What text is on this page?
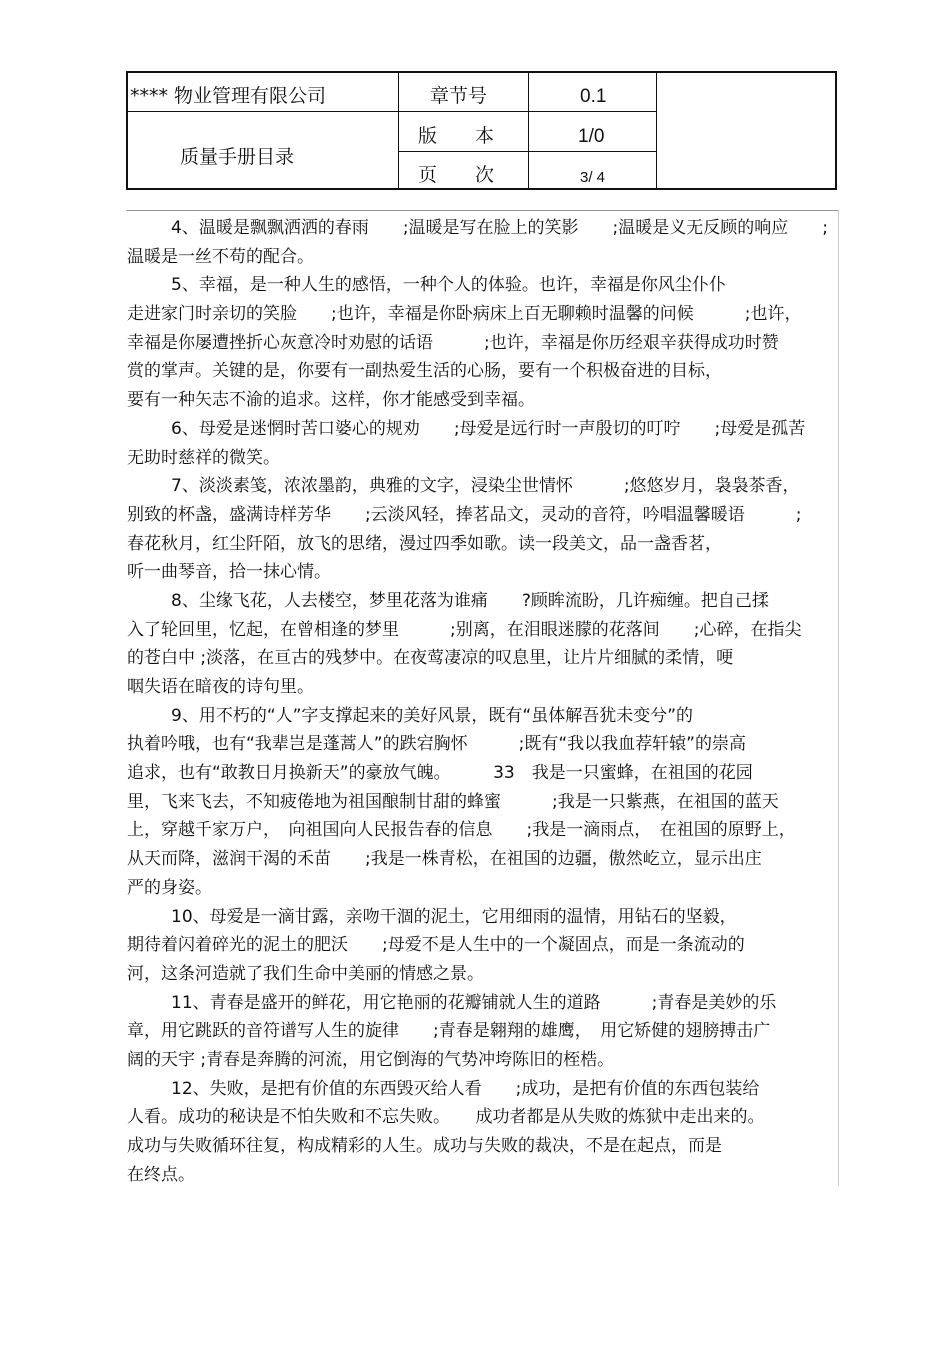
**** 物业管理有限公司
质量手册目录
章节号	0.1
版　　本	1/0
页　　次	3/ 4
4、温暖是飘飘洒洒的春雨　　;温暖是写在脸上的笑影　　;温暖是义无反顾的响应　　;
温暖是一丝不苟的配合。
5、幸福，是一种人生的感悟，一种个人的体验。也许，幸福是你风尘仆仆
走进家门时亲切的笑脸　　;也许，幸福是你卧病床上百无聊赖时温馨的问候　　　;也许，
幸福是你屡遭挫折心灰意冷时劝慰的话语　　　;也许，幸福是你历经艰辛获得成功时赞
赏的掌声。关键的是，你要有一副热爱生活的心肠，要有一个积极奋进的目标，
要有一种矢志不渝的追求。这样，你才能感受到幸福。
6、母爱是迷惘时苦口婆心的规劝　　;母爱是远行时一声殷切的叮咛　　;母爱是孤苦
无助时慈祥的微笑。
7、淡淡素笺，浓浓墨韵，典雅的文字，浸染尘世情怀　　　;悠悠岁月，袅袅茶香，
别致的杯盏，盛满诗样芳华　　;云淡风轻，捧茗品文，灵动的音符，吟唱温馨暖语　　　;
春花秋月，红尘阡陌，放飞的思绪，漫过四季如歌。读一段美文，品一盏香茗，
听一曲琴音，拾一抹心情。
8、尘缘飞花，人去楼空，梦里花落为谁痛　　?顾眸流盼，几许痴缠。把自己揉
入了轮回里，忆起，在曾相逢的梦里　　　;别离，在泪眼迷朦的花落间　　;心碎，在指尖
的苍白中 ;淡落，在亘古的残梦中。在夜莺凄凉的叹息里，让片片细腻的柔情，哽
咽失语在暗夜的诗句里。
9、用不朽的“人”字支撑起来的美好风景，既有“虽体解吾犹未变兮”的
执着吟哦，也有“我辈岂是蓬蒿人”的跌宕胸怀　　　;既有“我以我血荐轩辕”的崇高
追求，也有“敢教日月换新天”的豪放气魄。　　　33　我是一只蜜蜂，在祖国的花园
里，飞来飞去，不知疲倦地为祖国酿制甘甜的蜂蜜　　　;我是一只紫燕，在祖国的蓝天
上，穿越千家万户，　向祖国向人民报告春的信息　　;我是一滴雨点，　在祖国的原野上，
从天而降，滋润干渴的禾苗　　;我是一株青松，在祖国的边疆，傲然屹立，显示出庄
严的身姿。
10、母爱是一滴甘露，亲吻干涸的泥土，它用细雨的温情，用钻石的坚毅，
期待着闪着碎光的泥土的肥沃　　;母爱不是人生中的一个凝固点，而是一条流动的
河，这条河造就了我们生命中美丽的情感之景。
11、青春是盛开的鲜花，用它艳丽的花瓣铺就人生的道路　　　;青春是美妙的乐
章，用它跳跃的音符谱写人生的旋律　　;青春是翱翔的雄鹰，　用它矫健的翅膀搏击广
阔的天宇 ;青春是奔腾的河流，用它倒海的气势冲垮陈旧的桎梏。
12、失败，是把有价值的东西毁灭给人看　　;成功，是把有价值的东西包装给
人看。成功的秘诀是不怕失败和不忘失败。　　成功者都是从失败的炼狱中走出来的。
成功与失败循环往复，构成精彩的人生。成功与失败的裁决，不是在起点，而是
在终点。
